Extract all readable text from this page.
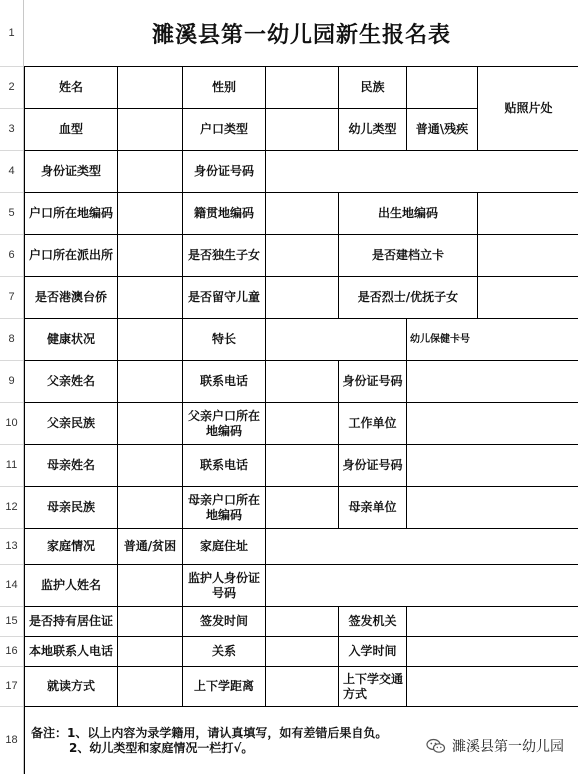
1
2
3
4
5
6
7
8
9
10
11
12
13
14
15
16
17
18
濉溪县第一幼儿园新生报名表
姓名		性别		民族		贴照片处
血型		户口类型		幼儿类型	普通\残疾	
身份证类型		身份证号码				
户口所在地编码		籍贯地编码		出生地编码		
户口所在派出所		是否独生子女		是否建档立卡		
是否港澳台侨		是否留守儿童		是否烈士/优抚子女		
健康状况		特长			幼儿保健卡号	
父亲姓名		联系电话		身份证号码		
父亲民族		父亲户口所在地编码		工作单位		
母亲姓名		联系电话		身份证号码		
母亲民族		母亲户口所在地编码		母亲单位		
家庭情况	普通/贫困	家庭住址				
监护人姓名		监护人身份证号码				
是否持有居住证		签发时间		签发机关		
本地联系人电话		关系		入学时间		
就读方式		上下学距离		上下学交通方式		

备注：1、以上内容为录学籍用，请认真填写，如有差错后果自负。
2、幼儿类型和家庭情况一栏打√。							濉溪县第一幼儿园
